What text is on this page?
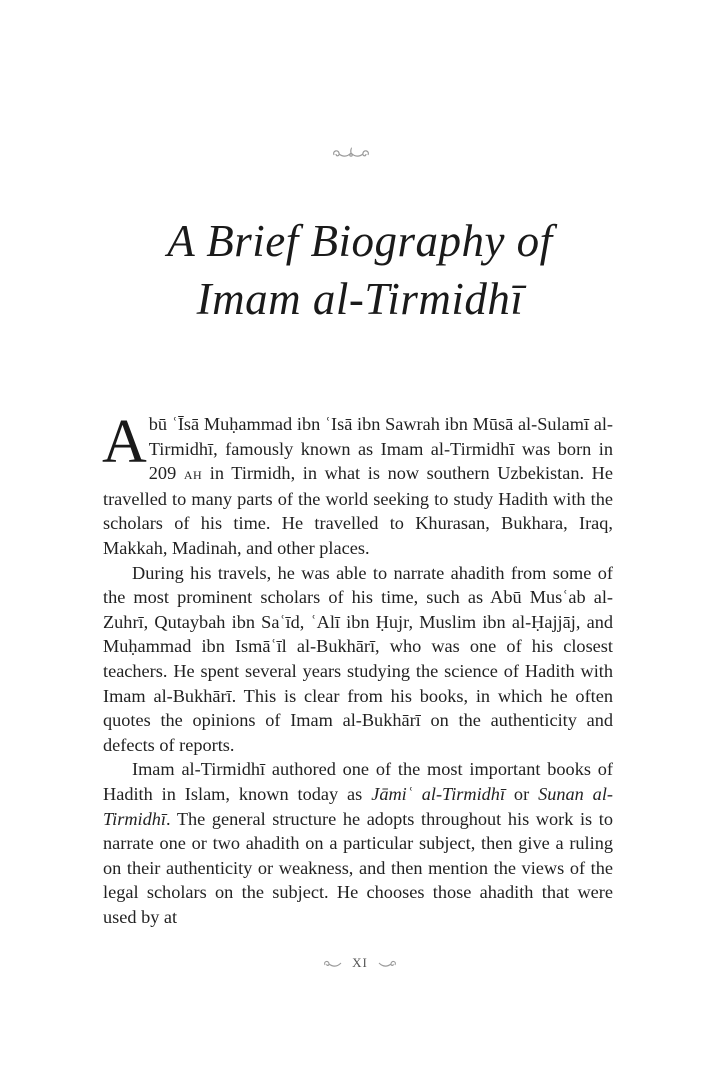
A Brief Biography of
Imam al-Tirmidhī

Abū ʿĪsā Muḥammad ibn ʿIsā ibn Sawrah ibn Mūsā al-Sulamī al-Tirmidhī, famously known as Imam al-Tirmidhī was born in 209 ah in Tirmidh, in what is now southern Uzbekistan. He travelled to many parts of the world seeking to study Hadith with the scholars of his time. He travelled to Khurasan, Bukhara, Iraq, Makkah, Madinah, and other places.

During his travels, he was able to narrate ahadith from some of the most prominent scholars of his time, such as Abū Musʿab al-Zuhrī, Qutaybah ibn Saʿīd, ʿAlī ibn Ḥujr, Muslim ibn al-Ḥajjāj, and Muḥammad ibn Ismāʿīl al-Bukhārī, who was one of his closest teachers. He spent several years studying the science of Hadith with Imam al-Bukhārī. This is clear from his books, in which he often quotes the opinions of Imam al-Bukhārī on the authenticity and defects of reports.

Imam al-Tirmidhī authored one of the most important books of Hadith in Islam, known today as Jāmiʿ al-Tirmidhī or Sunan al-Tirmidhī. The general structure he adopts throughout his work is to narrate one or two ahadith on a particular subject, then give a ruling on their authenticity or weakness, and then mention the views of the legal scholars on the subject. He chooses those ahadith that were used by at

XI
